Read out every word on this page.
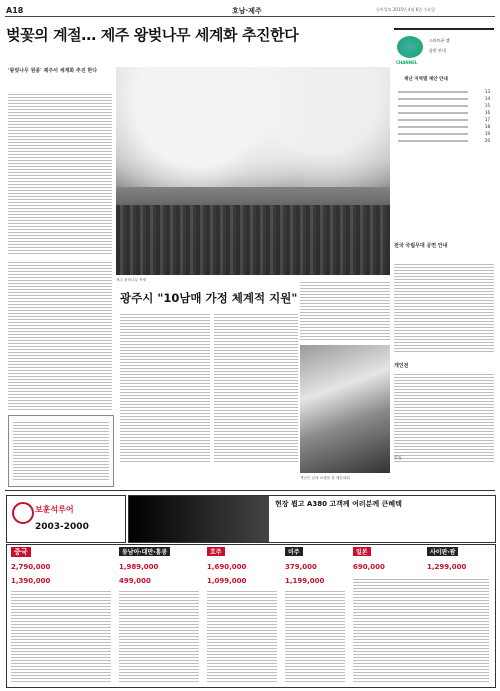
A18	호남·제주	동아일보 2015년 4월 6일 수요일
벚꽃의 계절… 제주 왕벚나무 세계화 추진한다
'왕벚나무 원종' 제주서 세계화 추진 한다
제주 왕벚나무 축제
CHANNEL
스마트폰 앱
종편 안내
재난 지역별 재안 안내
13
14
15
16
17
18
19
20
전국 국립무대 공연 안내
개인전
알림
광주시 "10남매 가정 체계적 지원"
재난은 낮에 보행을 잘 체험대회
보훈석루어
2003-2000
현장 뵙고 A380 고객께 여러분께 큰혜택
중국
2,790,000
1,390,000
동남아·대만·홍콩
1,989,000
499,000
호주
1,690,000
1,099,000
미주
379,000
1,199,000
일본
690,000
사이판·괌
1,299,000
